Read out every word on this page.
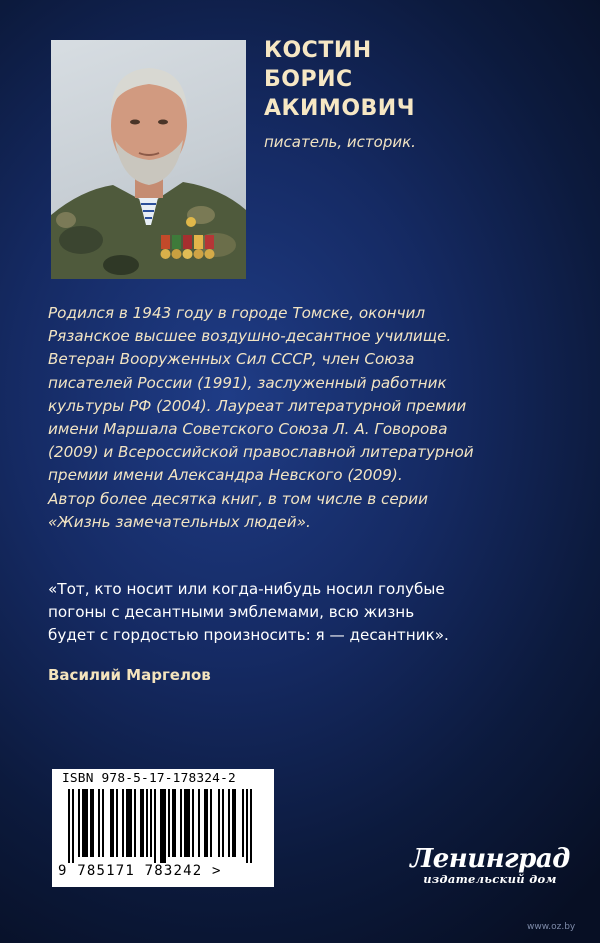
КОСТИН
БОРИС
АКИМОВИЧ
писатель, историк.
Родился в 1943 году в городе Томске, окончил
Рязанское высшее воздушно-десантное училище.
Ветеран Вооруженных Сил СССР, член Союза
писателей России (1991), заслуженный работник
культуры РФ (2004). Лауреат литературной премии
имени Маршала Советского Союза Л. А. Говорова
(2009) и Всероссийской православной литературной
премии имени Александра Невского (2009).
Автор более десятка книг, в том числе в серии
«Жизнь замечательных людей».
«Тот, кто носит или когда-нибудь носил голубые
погоны с десантными эмблемами, всю жизнь
будет с гордостью произносить: я — десантник».
Василий Маргелов
ISBN 978-5-17-178324-2
9 785171 783242 >	Ленинград
издательский дом
www.oz.by
